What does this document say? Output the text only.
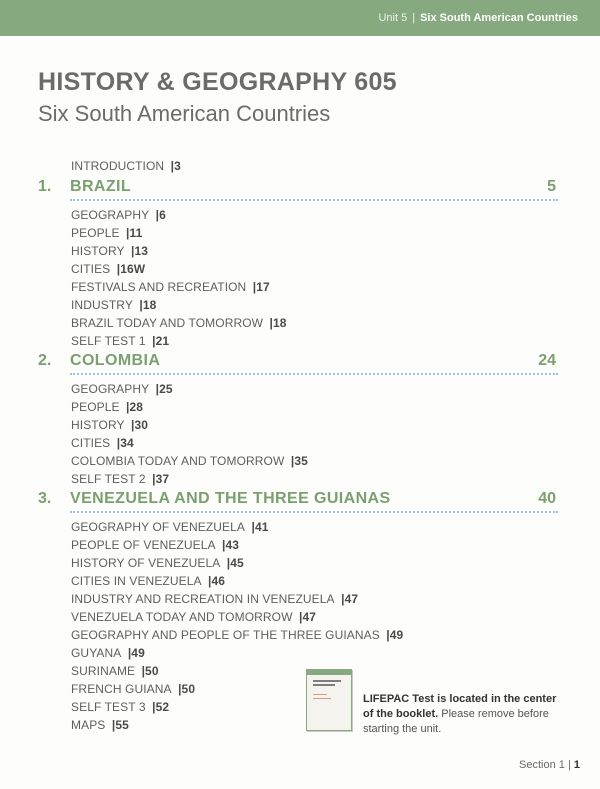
Unit 5 | Six South American Countries
HISTORY & GEOGRAPHY 605
Six South American Countries
INTRODUCTION |3
1. BRAZIL	5
GEOGRAPHY |6
PEOPLE |11
HISTORY |13
CITIES |16W
FESTIVALS AND RECREATION |17
INDUSTRY |18
BRAZIL TODAY AND TOMORROW |18
SELF TEST 1 |21
2. COLOMBIA	24
GEOGRAPHY |25
PEOPLE |28
HISTORY |30
CITIES |34
COLOMBIA TODAY AND TOMORROW |35
SELF TEST 2 |37
3. VENEZUELA AND THE THREE GUIANAS	40
GEOGRAPHY OF VENEZUELA |41
PEOPLE OF VENEZUELA |43
HISTORY OF VENEZUELA |45
CITIES IN VENEZUELA |46
INDUSTRY AND RECREATION IN VENEZUELA |47
VENEZUELA TODAY AND TOMORROW |47
GEOGRAPHY AND PEOPLE OF THE THREE GUIANAS |49
GUYANA |49
SURINAME |50
FRENCH GUIANA |50
SELF TEST 3 |52
MAPS |55
LIFEPAC Test is located in the center of the booklet. Please remove before starting the unit.
Section 1 | 1
